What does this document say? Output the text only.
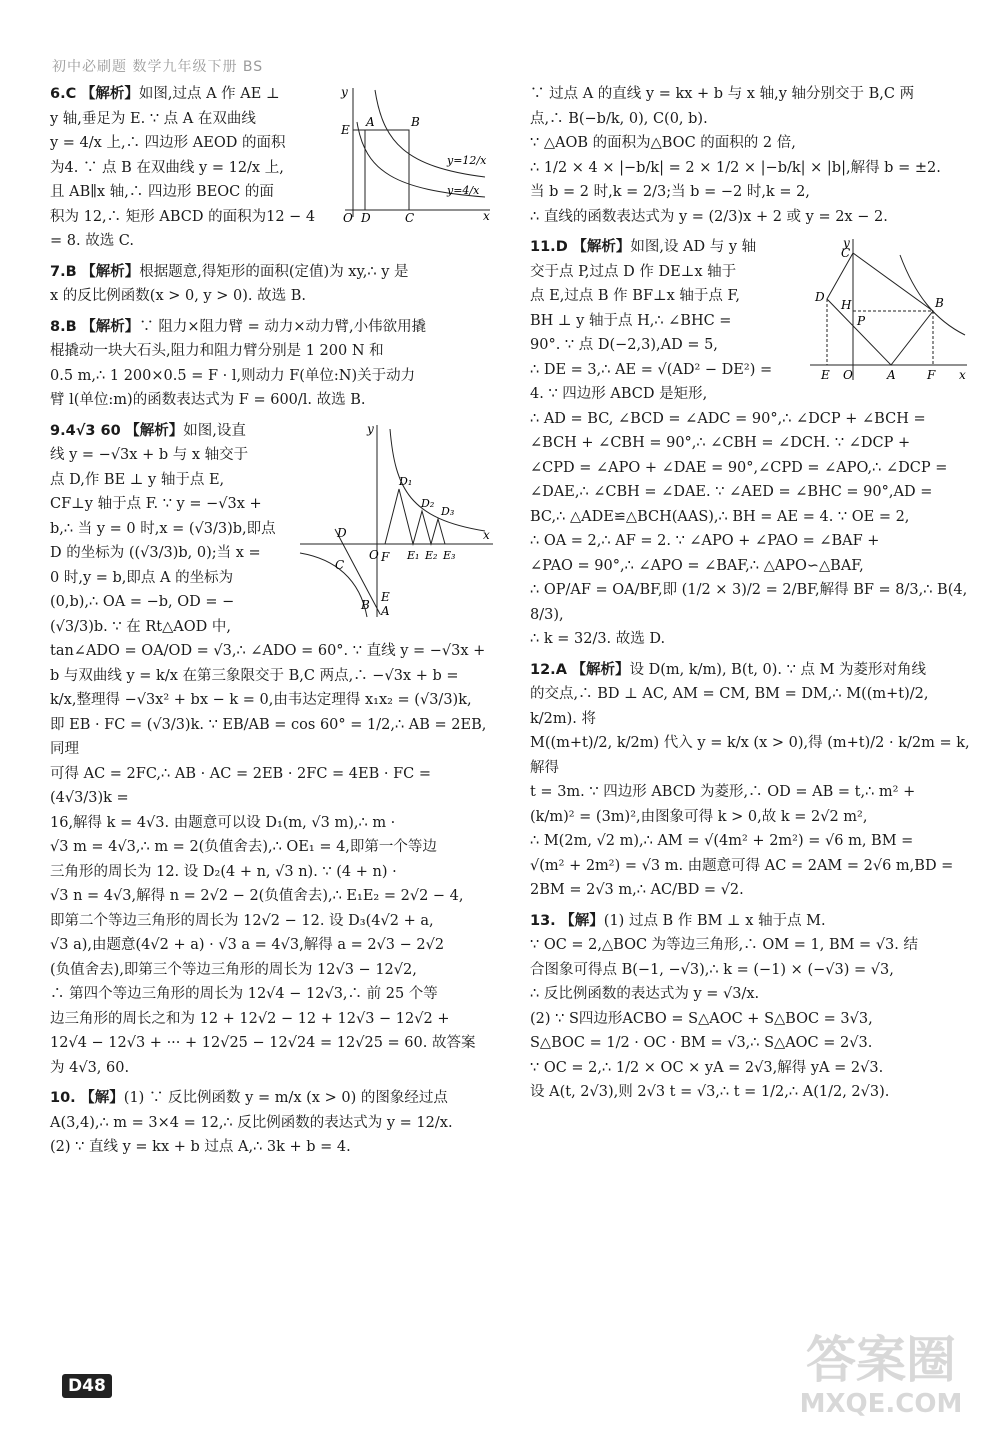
初中必刷题 数学九年级下册 BS
y
E
A	B
O D	C	x
y=12/x
y=4/x
6.C 【解析】如图,过点 A 作 AE ⊥
y 轴,垂足为 E. ∵ 点 A 在双曲线
y = 4/x 上,∴ 四边形 AEOD 的面积
为4. ∵ 点 B 在双曲线 y = 12/x 上,
且 AB∥x 轴,∴ 四边形 BEOC 的面
积为 12,∴ 矩形 ABCD 的面积为12 − 4 = 8. 故选 C.
7.B 【解析】根据题意,得矩形的面积(定值)为 xy,∴ y 是
x 的反比例函数(x > 0, y > 0). 故选 B.
8.B 【解析】∵ 阻力×阻力臂 = 动力×动力臂,小伟欲用撬
棍撬动一块大石头,阻力和阻力臂分别是 1 200 N 和
0.5 m,∴ 1 200×0.5 = F · l,则动力 F(单位:N)关于动力
臂 l(单位:m)的函数表达式为 F = 600/l. 故选 B.
y
D₁
D₂
D₃
D
O F E₁ E₂ E₃
x
C
B
E
A
9.4√3 60 【解析】如图,设直
线 y = −√3x + b 与 x 轴交于
点 D,作 BE ⊥ y 轴于点 E,
CF⊥y 轴于点 F. ∵ y = −√3x +
b,∴ 当 y = 0 时,x = (√3/3)b,即点
D 的坐标为 ((√3/3)b, 0);当 x =
0 时,y = b,即点 A 的坐标为
(0,b),∴ OA = −b, OD = −(√3/3)b. ∵ 在 Rt△AOD 中,
tan∠ADO = OA/OD = √3,∴ ∠ADO = 60°. ∵ 直线 y = −√3x +
b 与双曲线 y = k/x 在第三象限交于 B,C 两点,∴ −√3x + b =
k/x,整理得 −√3x² + bx − k = 0,由韦达定理得 x₁x₂ = (√3/3)k,
即 EB · FC = (√3/3)k. ∵ EB/AB = cos 60° = 1/2,∴ AB = 2EB,同理
可得 AC = 2FC,∴ AB · AC = 2EB · 2FC = 4EB · FC = (4√3/3)k =
16,解得 k = 4√3. 由题意可以设 D₁(m, √3 m),∴ m ·
√3 m = 4√3,∴ m = 2(负值舍去),∴ OE₁ = 4,即第一个等边
三角形的周长为 12. 设 D₂(4 + n, √3 n). ∵ (4 + n) ·
√3 n = 4√3,解得 n = 2√2 − 2(负值舍去),∴ E₁E₂ = 2√2 − 4,
即第二个等边三角形的周长为 12√2 − 12. 设 D₃(4√2 + a,
√3 a),由题意(4√2 + a) · √3 a = 4√3,解得 a = 2√3 − 2√2
(负值舍去),即第三个等边三角形的周长为 12√3 − 12√2,
∴ 第四个等边三角形的周长为 12√4 − 12√3,∴ 前 25 个等
边三角形的周长之和为 12 + 12√2 − 12 + 12√3 − 12√2 +
12√4 − 12√3 + ··· + 12√25 − 12√24 = 12√25 = 60. 故答案
为 4√3, 60.
10. 【解】(1) ∵ 反比例函数 y = m/x (x > 0) 的图象经过点
A(3,4),∴ m = 3×4 = 12,∴ 反比例函数的表达式为 y = 12/x.
(2) ∵ 直线 y = kx + b 过点 A,∴ 3k + b = 4.
∵ 过点 A 的直线 y = kx + b 与 x 轴,y 轴分别交于 B,C 两
点,∴ B(−b/k, 0), C(0, b).
∵ △AOB 的面积为△BOC 的面积的 2 倍,
∴ 1/2 × 4 × |−b/k| = 2 × 1/2 × |−b/k| × |b|,解得 b = ±2.
当 b = 2 时,k = 2/3;当 b = −2 时,k = 2,
∴ 直线的函数表达式为 y = (2/3)x + 2 或 y = 2x − 2.
y
C
D
H
P
B
E O	A	F x
11.D 【解析】如图,设 AD 与 y 轴
交于点 P,过点 D 作 DE⊥x 轴于
点 E,过点 B 作 BF⊥x 轴于点 F,
BH ⊥ y 轴于点 H,∴ ∠BHC =
90°. ∵ 点 D(−2,3),AD = 5,
∴ DE = 3,∴ AE = √(AD² − DE²) =
4. ∵ 四边形 ABCD 是矩形,
∴ AD = BC, ∠BCD = ∠ADC = 90°,∴ ∠DCP + ∠BCH =
∠BCH + ∠CBH = 90°,∴ ∠CBH = ∠DCH. ∵ ∠DCP +
∠CPD = ∠APO + ∠DAE = 90°,∠CPD = ∠APO,∴ ∠DCP =
∠DAE,∴ ∠CBH = ∠DAE. ∵ ∠AED = ∠BHC = 90°,AD =
BC,∴ △ADE≌△BCH(AAS),∴ BH = AE = 4. ∵ OE = 2,
∴ OA = 2,∴ AF = 2. ∵ ∠APO + ∠PAO = ∠BAF +
∠PAO = 90°,∴ ∠APO = ∠BAF,∴ △APO∽△BAF,
∴ OP/AF = OA/BF,即 (1/2 × 3)/2 = 2/BF,解得 BF = 8/3,∴ B(4, 8/3),
∴ k = 32/3. 故选 D.
12.A 【解析】设 D(m, k/m), B(t, 0). ∵ 点 M 为菱形对角线
的交点,∴ BD ⊥ AC, AM = CM, BM = DM,∴ M((m+t)/2, k/2m). 将
M((m+t)/2, k/2m) 代入 y = k/x (x > 0),得 (m+t)/2 · k/2m = k,解得
t = 3m. ∵ 四边形 ABCD 为菱形,∴ OD = AB = t,∴ m² +
(k/m)² = (3m)²,由图象可得 k > 0,故 k = 2√2 m²,
∴ M(2m, √2 m),∴ AM = √(4m² + 2m²) = √6 m, BM =
√(m² + 2m²) = √3 m. 由题意可得 AC = 2AM = 2√6 m,BD =
2BM = 2√3 m,∴ AC/BD = √2.
13. 【解】(1) 过点 B 作 BM ⊥ x 轴于点 M.
∵ OC = 2,△BOC 为等边三角形,∴ OM = 1, BM = √3. 结
合图象可得点 B(−1, −√3),∴ k = (−1) × (−√3) = √3,
∴ 反比例函数的表达式为 y = √3/x.
(2) ∵ S四边形ACBO = S△AOC + S△BOC = 3√3,
S△BOC = 1/2 · OC · BM = √3,∴ S△AOC = 2√3.
∵ OC = 2,∴ 1/2 × OC × yA = 2√3,解得 yA = 2√3.
设 A(t, 2√3),则 2√3 t = √3,∴ t = 1/2,∴ A(1/2, 2√3).
D48	答案圈
MXQE.COM
